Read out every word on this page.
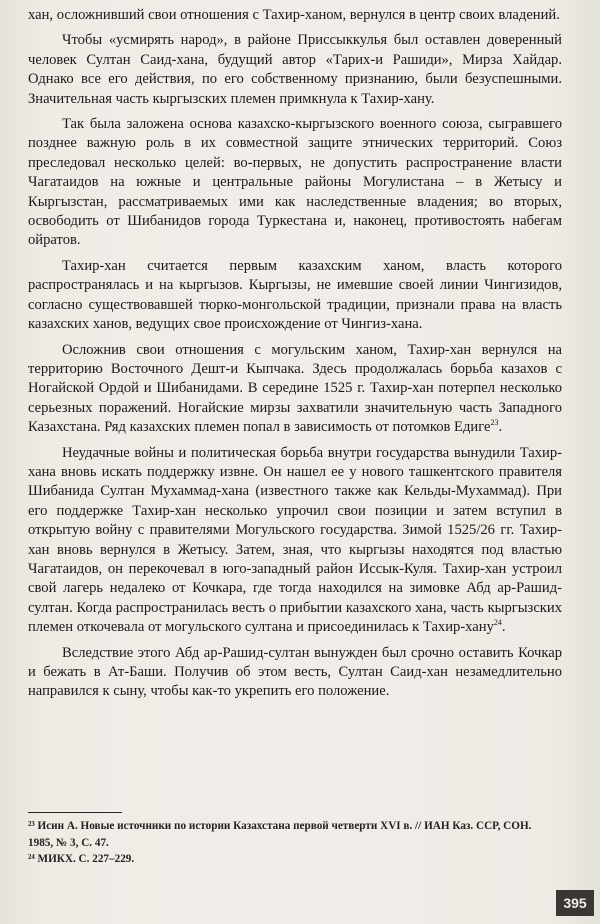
хан, осложнивший свои отношения с Тахир-ханом, вернулся в центр своих владений.

Чтобы «усмирять народ», в районе Приссыккулья был оставлен доверенный человек Султан Саид-хана, будущий автор «Тарих-и Рашиди», Мирза Хайдар. Однако все его действия, по его собственному признанию, были безуспешными. Значительная часть кыргызских племен примкнула к Тахир-хану.

Так была заложена основа казахско-кыргызского военного союза, сыгравшего позднее важную роль в их совместной защите этнических территорий. Союз преследовал несколько целей: во-первых, не допустить распространение власти Чагатаидов на южные и центральные районы Могулистана – в Жетысу и Кыргызстан, рассматриваемых ими как наследственные владения; во вторых, освободить от Шибанидов города Туркестана и, наконец, противостоять набегам ойратов.

Тахир-хан считается первым казахским ханом, власть которого распространялась и на кыргызов. Кыргызы, не имевшие своей линии Чингизидов, согласно существовавшей тюрко-монгольской традиции, признали права на власть казахских ханов, ведущих свое происхождение от Чингиз-хана.

Осложнив свои отношения с могульским ханом, Тахир-хан вернулся на территорию Восточного Дешт-и Кыпчака. Здесь продолжалась борьба казахов с Ногайской Ордой и Шибанидами. В середине 1525 г. Тахир-хан потерпел несколько серьезных поражений. Ногайские мирзы захватили значительную часть Западного Казахстана. Ряд казахских племен попал в зависимость от потомков Едиге$^{23}$.

Неудачные войны и политическая борьба внутри государства вынудили Тахир-хана вновь искать поддержку извне. Он нашел ее у нового ташкентского правителя Шибанида Султан Мухаммад-хана (известного также как Кельды-Мухаммад). При его поддержке Тахир-хан несколько упрочил свои позиции и затем вступил в открытую войну с правителями Могульского государства. Зимой 1525/26 гг. Тахир-хан вновь вернулся в Жетысу. Затем, зная, что кыргызы находятся под властью Чагатаидов, он перекочевал в юго-западный район Иссык-Куля. Тахир-хан устроил свой лагерь недалеко от Кочкара, где тогда находился на зимовке Абд ар-Рашид-султан. Когда распространилась весть о прибытии казахского хана, часть кыргызских племен откочевала от могульского султана и присоединилась к Тахир-хану$^{24}$.

Вследствие этого Абд ар-Рашид-султан вынужден был срочно оставить Кочкар и бежать в Ат-Баши. Получив об этом весть, Султан Саид-хан незамедлительно направился к сыну, чтобы как-то укрепить его положение.

²³ Исин А. Новые источники по истории Казахстана первой четверти XVI в. // ИАН Каз. ССР, СОН. 1985, № 3, С. 47.
²⁴ МИКХ. С. 227–229.
395
